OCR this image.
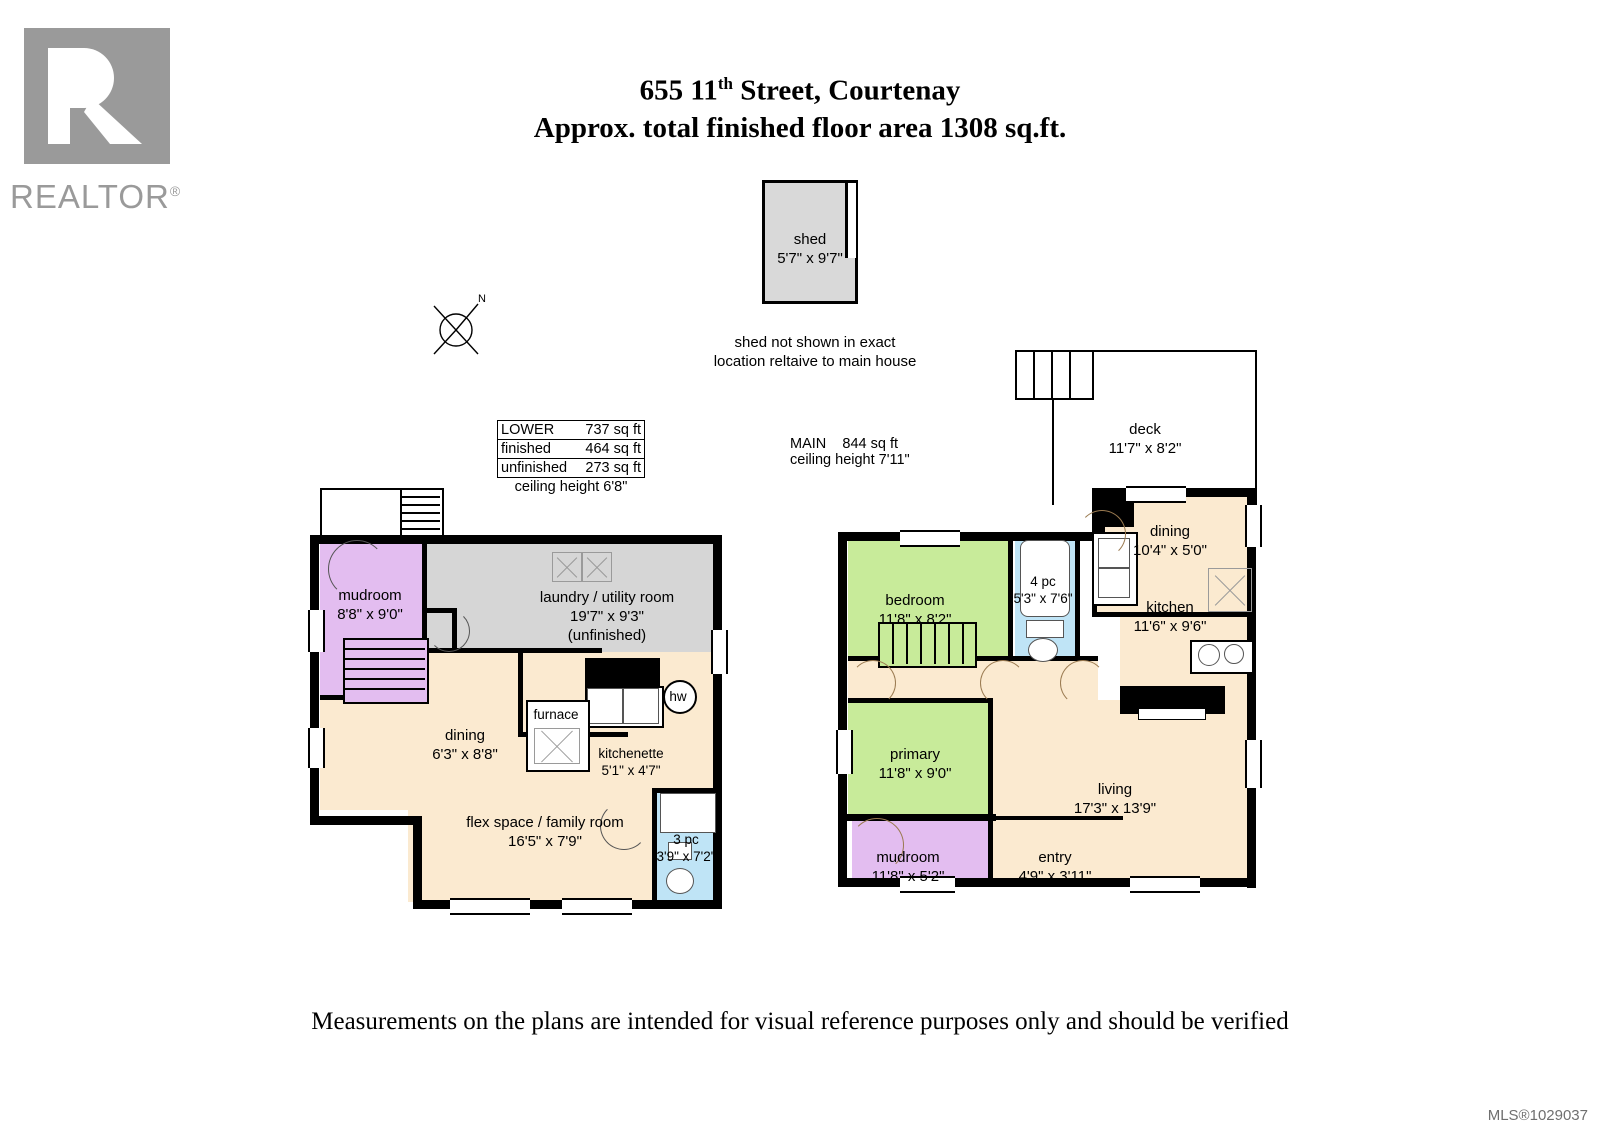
REALTOR®
655 11th Street, Courtenay
Approx. total finished floor area 1308 sq.ft.
N
shed
5'7" x 9'7"
shed not shown in exact
location reltaive to main house
LOWER 737 sq ft
finished 464 sq ft
unfinished 273 sq ft
ceiling height 6'8"
MAIN 844 sq ft
ceiling height 7'11"
hw
furnace
mudroom
8'8" x 9'0"
laundry / utility room
19'7" x 9'3"
(unfinished)
dining
6'3" x 8'8"	kitchenette
5'1" x 4'7"
flex space / family room
16'5" x 7'9"	3 pc
3'9" x 7'2"
deck
11'7" x 8'2"
dining
10'4" x 5'0"
kitchen
11'6" x 9'6"
bedroom
11'8" x 8'2"
4 pc
5'3" x 7'6"
primary
11'8" x 9'0"
living
17'3" x 13'9"
mudroom
11'8" x 5'2"
entry
4'9" x 3'11"
Measurements on the plans are intended for visual reference purposes only and should be verified
MLS®1029037
